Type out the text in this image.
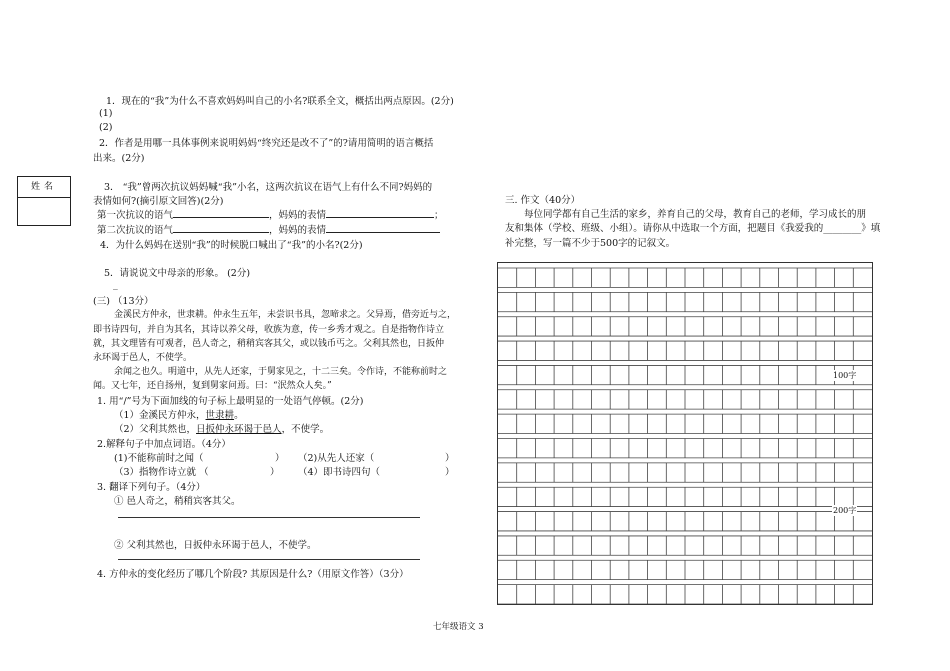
姓名
1．现在的“我”为什么不喜欢妈妈叫自己的小名?联系全文，概括出两点原因。(2分)
(1)
(2)
2．作者是用哪一具体事例来说明妈妈“终究还是改不了”的?请用简明的语言概括
出来。(2分)
3． “我”曾两次抗议妈妈喊“我”小名，这两次抗议在语气上有什么不同?妈妈的
表情如何?(摘引原文回答)(2分)
第一次抗议的语气	，妈妈的表情	；
第二次抗议的语气	，妈妈的表情
4．为什么妈妈在送别“我”的时候脱口喊出了“我”的小名?(2分)
5．请说说文中母亲的形象。 (2分)
_
(三) （13分）
金溪民方仲永，世隶耕。仲永生五年，未尝识书具，忽啼求之。父异焉，借旁近与之，
即书诗四句，并自为其名，其诗以养父母，收族为意，传一乡秀才观之。自是指物作诗立
就，其文理皆有可观者，邑人奇之，稍稍宾客其父，或以钱币丐之。父利其然也，日扳仲
永环谒于邑人，不使学。
余闻之也久。明道中，从先人还家，于舅家见之，十二三矣。令作诗，不能称前时之
闻。又七年，还自扬州，复到舅家问焉。曰：“泯然众人矣。”
1. 用“/”号为下面加线的句子标上最明显的一处语气停顿。(2分)
（1）金溪民方仲永，世隶耕。
（2）父利其然也，日扳仲永环谒于邑人，不使学。
2.解释句子中加点词语。（4分）
(1)不能称前时之闻（	） （2)从先人还家（	）
（3）指物作诗立就 （	） （4）即书诗四句（	）
3. 翻译下列句子。（4分）
① 邑人奇之，稍稍宾客其父。
② 父利其然也，日扳仲永环谒于邑人，不使学。
4. 方仲永的变化经历了哪几个阶段? 其原因是什么?（用原文作答）（3分）
三. 作文（40分）
每位同学都有自己生活的家乡，养育自己的父母，教育自己的老师，学习成长的朋
友和集体（学校、班级、小组）。请你从中选取一个方面，把题目《我爱我的________》填
补完整，写一篇不少于500字的记叙文。
100字
200字
七年级语文 3
